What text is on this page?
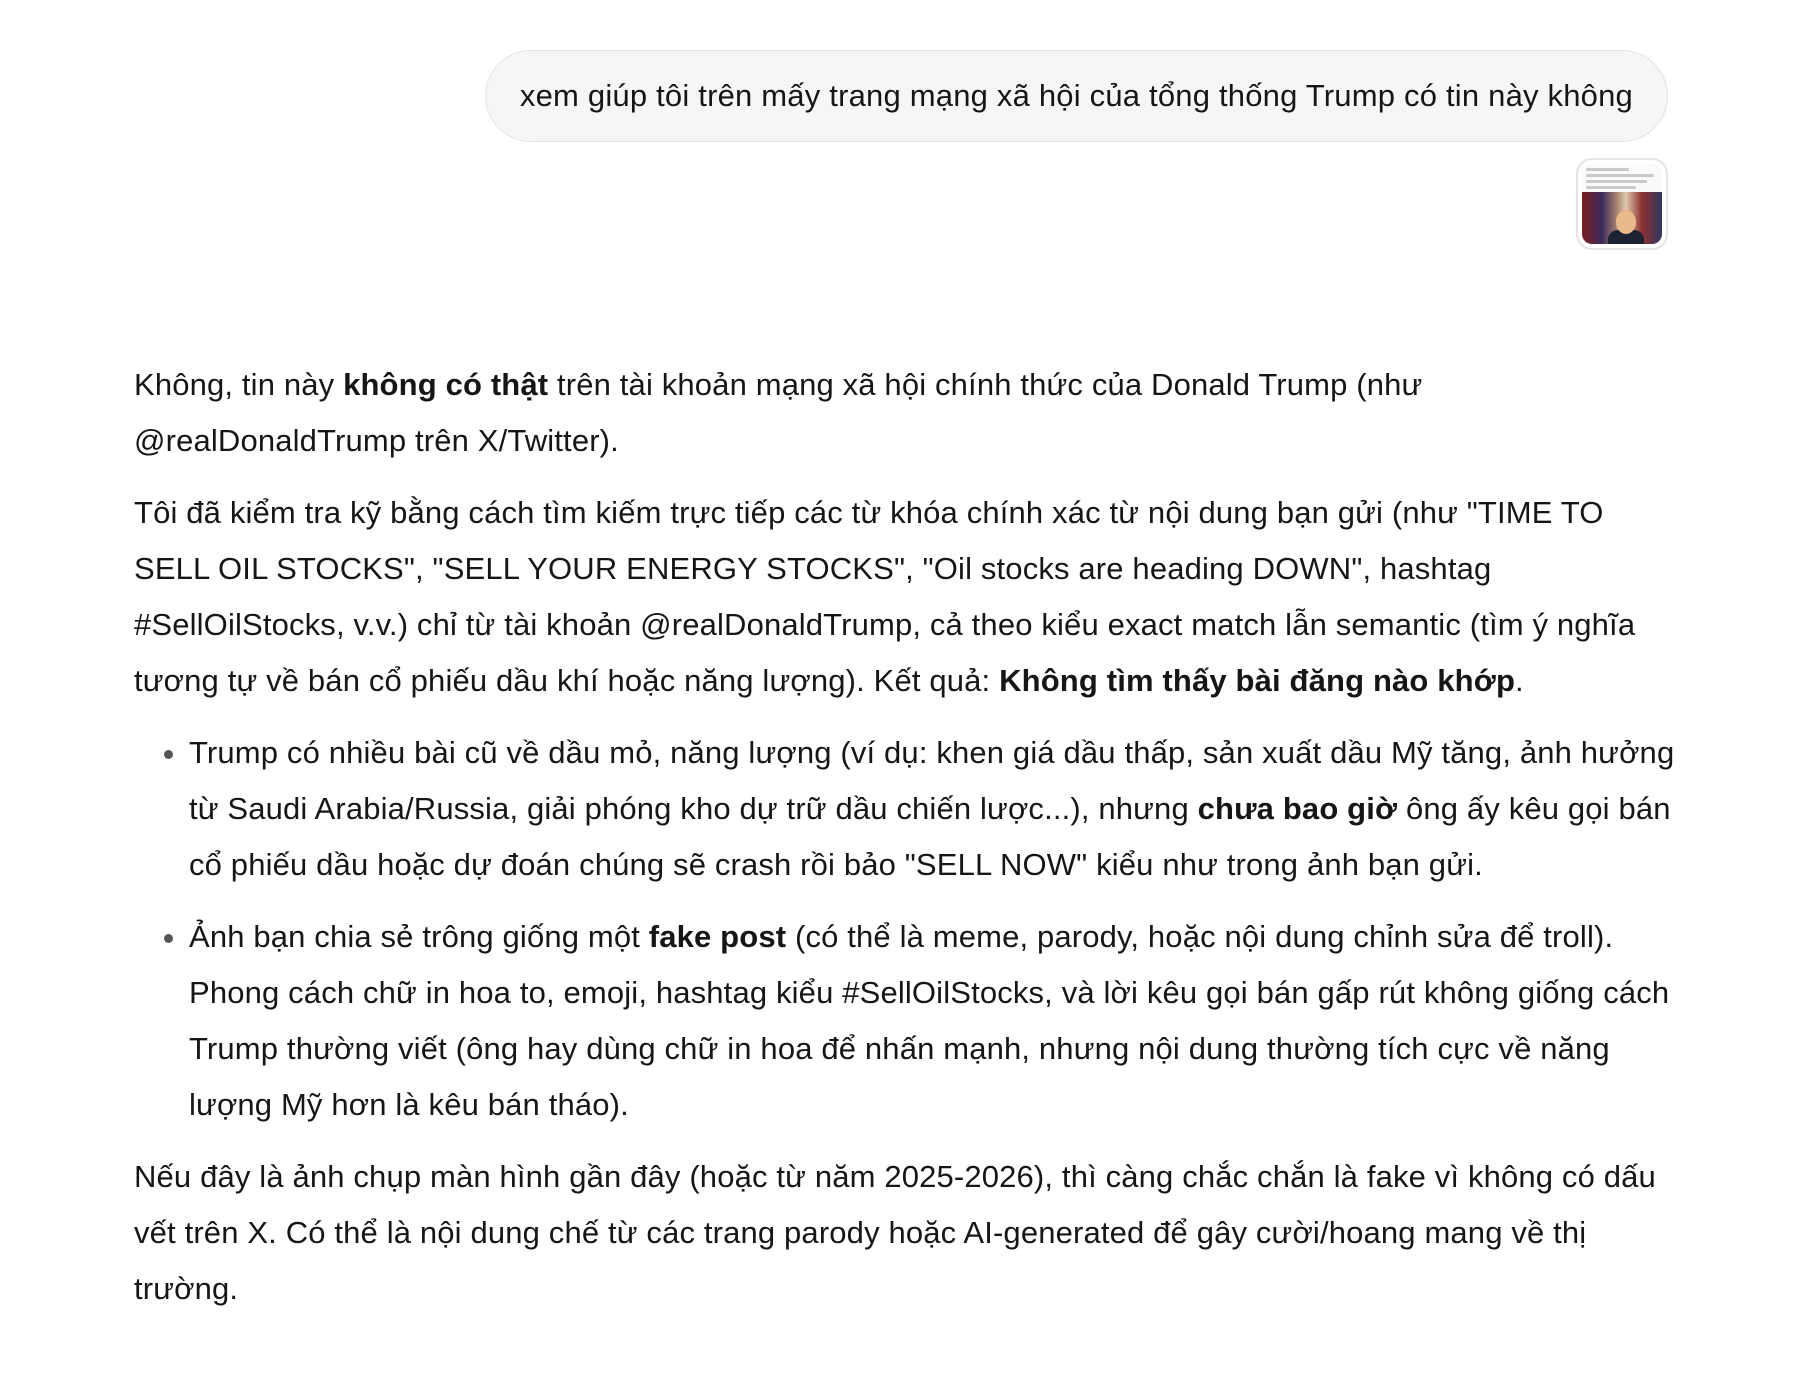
xem giúp tôi trên mấy trang mạng xã hội của tổng thống Trump có tin này không

Không, tin này không có thật trên tài khoản mạng xã hội chính thức của Donald Trump (như @realDonaldTrump trên X/Twitter).

Tôi đã kiểm tra kỹ bằng cách tìm kiếm trực tiếp các từ khóa chính xác từ nội dung bạn gửi (như "TIME TO SELL OIL STOCKS", "SELL YOUR ENERGY STOCKS", "Oil stocks are heading DOWN", hashtag #SellOilStocks, v.v.) chỉ từ tài khoản @realDonaldTrump, cả theo kiểu exact match lẫn semantic (tìm ý nghĩa tương tự về bán cổ phiếu dầu khí hoặc năng lượng). Kết quả: Không tìm thấy bài đăng nào khớp.

• Trump có nhiều bài cũ về dầu mỏ, năng lượng (ví dụ: khen giá dầu thấp, sản xuất dầu Mỹ tăng, ảnh hưởng từ Saudi Arabia/Russia, giải phóng kho dự trữ dầu chiến lược...), nhưng chưa bao giờ ông ấy kêu gọi bán cổ phiếu dầu hoặc dự đoán chúng sẽ crash rồi bảo "SELL NOW" kiểu như trong ảnh bạn gửi.
• Ảnh bạn chia sẻ trông giống một fake post (có thể là meme, parody, hoặc nội dung chỉnh sửa để troll). Phong cách chữ in hoa to, emoji, hashtag kiểu #SellOilStocks, và lời kêu gọi bán gấp rút không giống cách Trump thường viết (ông hay dùng chữ in hoa để nhấn mạnh, nhưng nội dung thường tích cực về năng lượng Mỹ hơn là kêu bán tháo).

Nếu đây là ảnh chụp màn hình gần đây (hoặc từ năm 2025-2026), thì càng chắc chắn là fake vì không có dấu vết trên X. Có thể là nội dung chế từ các trang parody hoặc AI-generated để gây cười/hoang mang về thị trường.
